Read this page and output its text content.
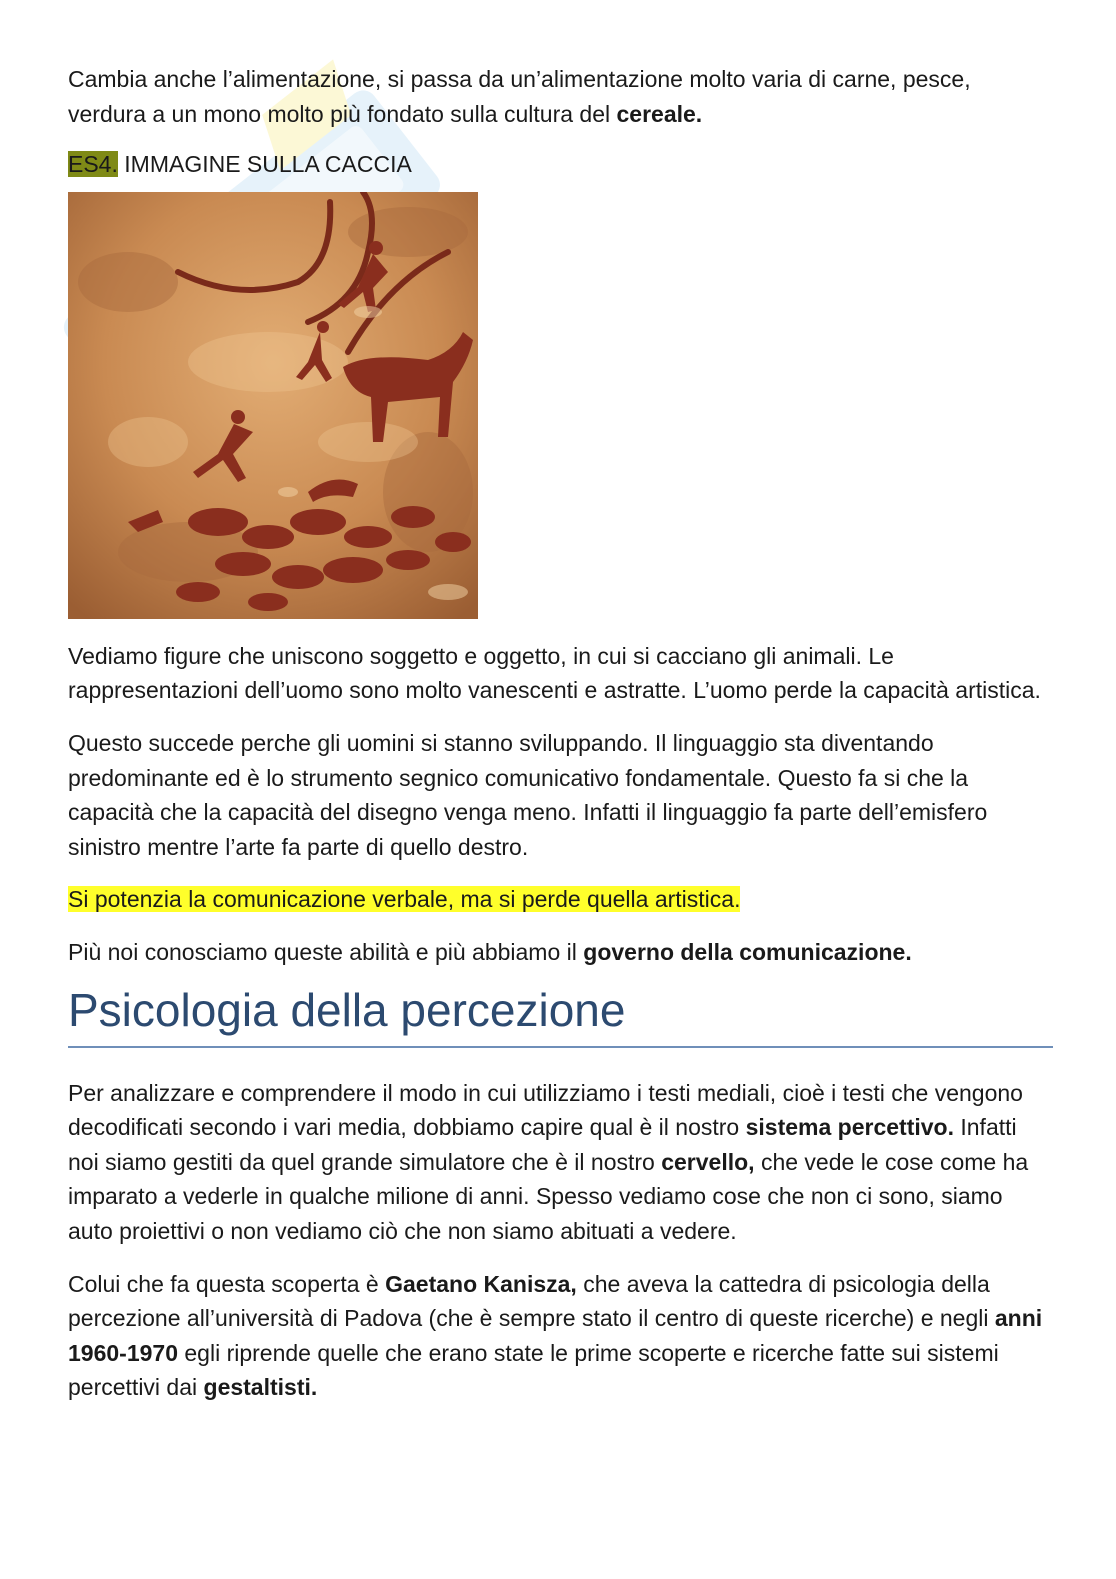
Cambia anche l’alimentazione, si passa da un’alimentazione molto varia di carne, pesce, verdura a un mono molto più fondato sulla cultura del cereale.

ES4. IMMAGINE SULLA CACCIA

Vediamo figure che uniscono soggetto e oggetto, in cui si cacciano gli animali. Le rappresentazioni dell’uomo sono molto vanescenti e astratte. L’uomo perde la capacità artistica.

Questo succede perche gli uomini si stanno sviluppando. Il linguaggio sta diventando predominante ed è lo strumento segnico comunicativo fondamentale. Questo fa si che la capacità che la capacità del disegno venga meno. Infatti il linguaggio fa parte dell’emisfero sinistro mentre l’arte fa parte di quello destro.

Si potenzia la comunicazione verbale, ma si perde quella artistica.

Più noi conosciamo queste abilità e più abbiamo il governo della comunicazione.

Psicologia della percezione

Per analizzare e comprendere il modo in cui utilizziamo i testi mediali, cioè i testi che vengono decodificati secondo i vari media, dobbiamo capire qual è il nostro sistema percettivo. Infatti noi siamo gestiti da quel grande simulatore che è il nostro cervello, che vede le cose come ha imparato a vederle in qualche milione di anni. Spesso vediamo cose che non ci sono, siamo auto proiettivi o non vediamo ciò che non siamo abituati a vedere.

Colui che fa questa scoperta è Gaetano Kanisza, che aveva la cattedra di psicologia della percezione all’università di Padova (che è sempre stato il centro di queste ricerche) e negli anni 1960-1970 egli riprende quelle che erano state le prime scoperte e ricerche fatte sui sistemi percettivi dai gestaltisti.
